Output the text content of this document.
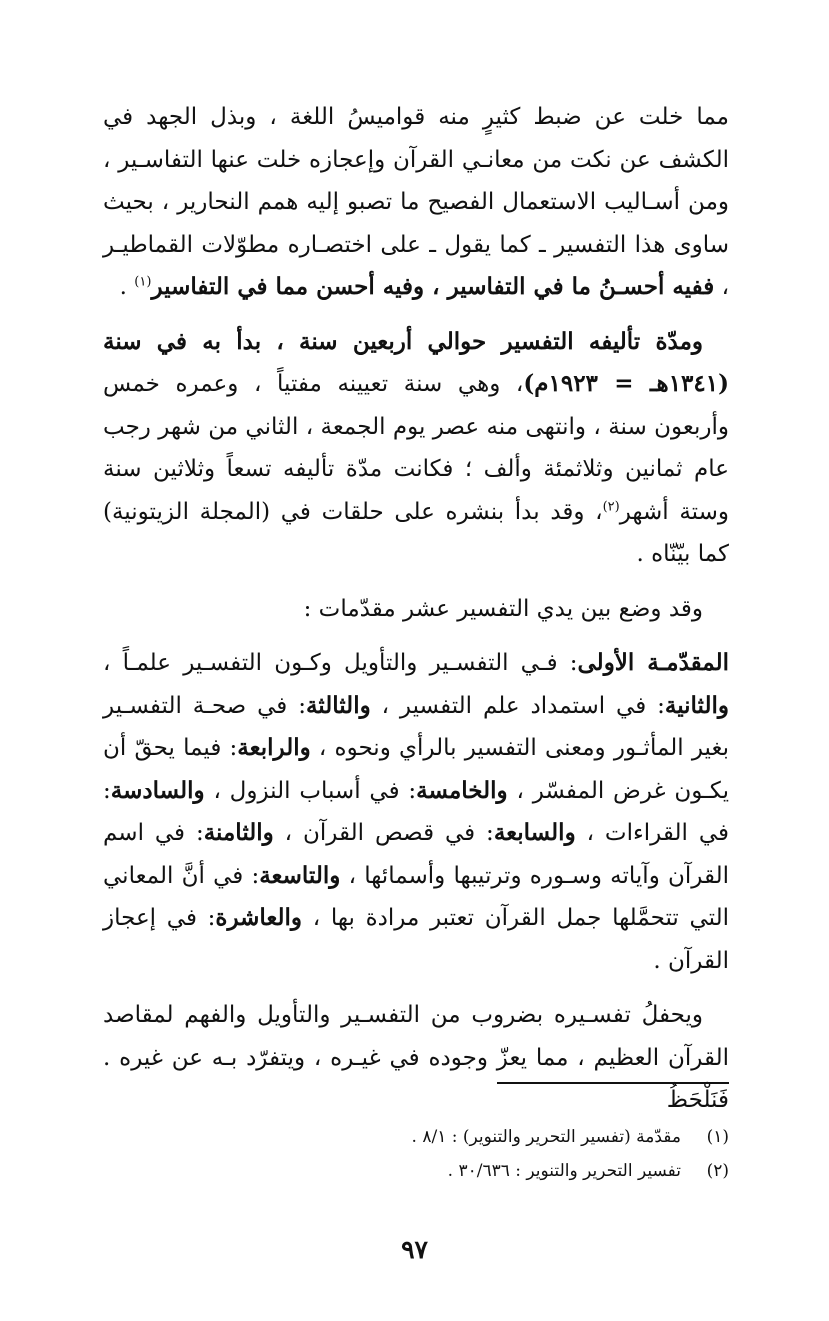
مما خلت عن ضبط كثيرٍ منه قواميسُ اللغة ، وبذل الجهد في الكشف عن نكت من معانـي القرآن وإعجازه خلت عنها التفاسـير ، ومن أسـاليب الاستعمال الفصيح ما تصبو إليه همم النحارير ، بحيث ساوى هذا التفسير ـ كما يقول ـ على اختصـاره مطوّلات القماطيـر ، ففيه أحسـنُ ما في التفاسير ، وفيه أحسن مما في التفاسير$^{(١)}$ .

ومدّة تأليفه التفسير حوالي أربعين سنة ، بدأ به في سنة (١٣٤١هـ = ١٩٢٣م)، وهي سنة تعيينه مفتياً ، وعمره خمس وأربعون سنة ، وانتهى منه عصر يوم الجمعة ، الثاني من شهر رجب عام ثمانين وثلاثمئة وألف ؛ فكانت مدّة تأليفه تسعاً وثلاثين سنة وستة أشهر$^{(٢)}$، وقد بدأ بنشره على حلقات في (المجلة الزيتونية) كما بيّنّاه .

وقد وضع بين يدي التفسير عشر مقدّمات :

المقدّمـة الأولى: فـي التفسـير والتأويل وكـون التفسـير علمـاً ، والثانية: في استمداد علم التفسير ، والثالثة: في صحـة التفسـير بغير المأثـور ومعنى التفسير بالرأي ونحوه ، والرابعة: فيما يحقّ أن يكـون غرض المفسّر ، والخامسة: في أسباب النزول ، والسادسة: في القراءات ، والسابعة: في قصص القرآن ، والثامنة: في اسم القرآن وآياته وسـوره وترتيبها وأسمائها ، والتاسعة: في أنَّ المعاني التي تتحمَّلها جمل القرآن تعتبر مرادة بها ، والعاشرة: في إعجاز القرآن .

ويحفلُ تفسـيره بضروب من التفسـير والتأويل والفهم لمقاصد القرآن العظيم ، مما يعزّ وجوده في غيـره ، ويتفرّد بـه عن غيره . فَنَلْحَظُ

(١)
مقدّمة (تفسير التحرير والتنوير) : ٨/١ .
(٢)
تفسير التحرير والتنوير : ٣٠/٦٣٦ .
٩٧
